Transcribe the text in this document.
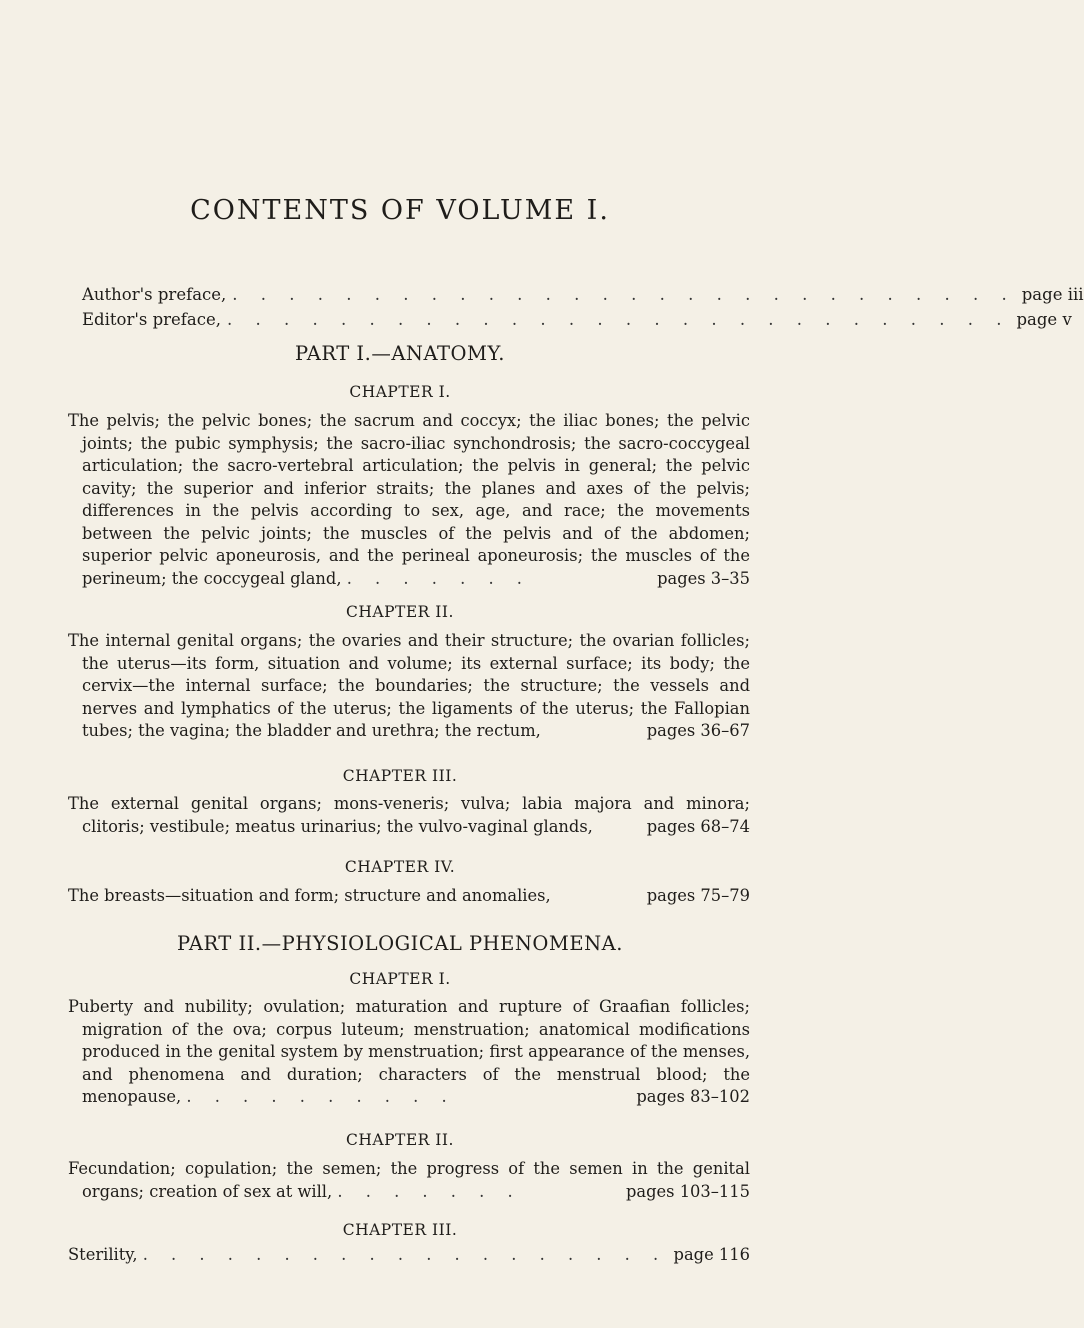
CONTENTS OF VOLUME I.
Author's preface, . . . . . . . . . . . . . . . . . . . . . . . . . . . . page iii
Editor's preface, . . . . . . . . . . . . . . . . . . . . . . . . . . . . page v
PART I.—ANATOMY.
CHAPTER I.
The pelvis; the pelvic bones; the sacrum and coccyx; the iliac bones; the pelvic joints; the pubic symphysis; the sacro-iliac synchondrosis; the sacro-coccygeal articulation; the sacro-vertebral articulation; the pelvis in general; the pelvic cavity; the superior and inferior straits; the planes and axes of the pelvis; differences in the pelvis according to sex, age, and race; the movements between the pelvic joints; the muscles of the pelvis and of the abdomen; superior pelvic aponeurosis, and the perineal aponeurosis; the muscles of the perineum; the coccygeal gland, . . . . . . .	pages 3–35
CHAPTER II.
The internal genital organs; the ovaries and their structure; the ovarian follicles; the uterus—its form, situation and volume; its external surface; its body; the cervix—the internal surface; the boundaries; the structure; the vessels and nerves and lymphatics of the uterus; the ligaments of the uterus; the Fallopian tubes; the vagina; the bladder and urethra; the rectum,	pages 36–67
CHAPTER III.
The external genital organs; mons-veneris; vulva; labia majora and minora; clitoris; vestibule; meatus urinarius; the vulvo-vaginal glands,	pages 68–74
CHAPTER IV.
The breasts—situation and form; structure and anomalies,	pages 75–79
PART II.—PHYSIOLOGICAL PHENOMENA.
CHAPTER I.
Puberty and nubility; ovulation; maturation and rupture of Graafian follicles; migration of the ova; corpus luteum; menstruation; anatomical modifications produced in the genital system by menstruation; first appearance of the menses, and phenomena and duration; characters of the menstrual blood; the menopause, . . . . . . . . . .	pages 83–102
CHAPTER II.
Fecundation; copulation; the semen; the progress of the semen in the genital organs; creation of sex at will, . . . . . . .	pages 103–115
CHAPTER III.
Sterility, . . . . . . . . . . . . . . . . . . . page 116
